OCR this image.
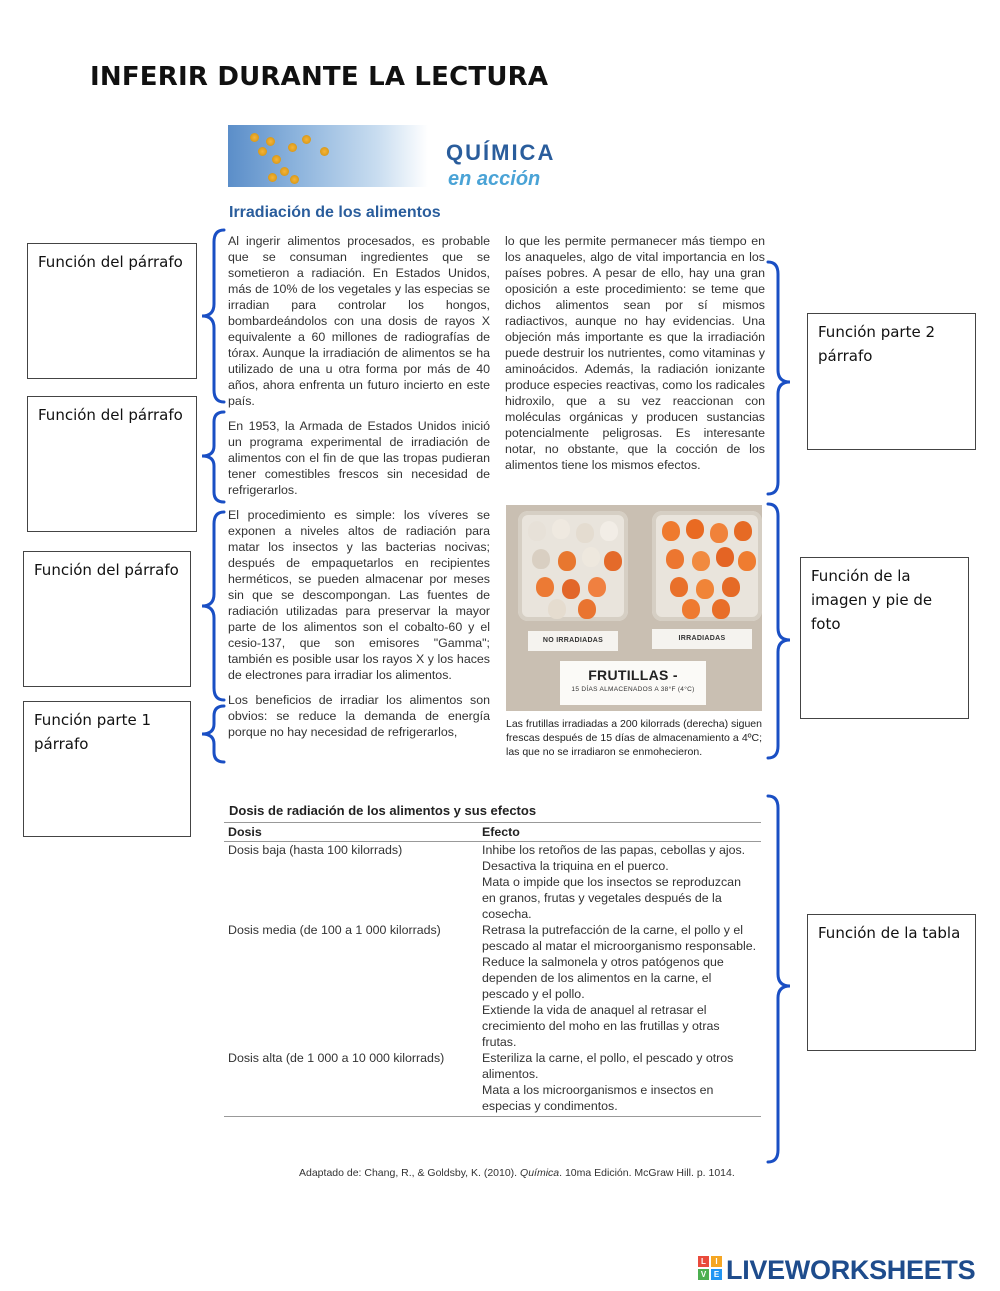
INFERIR DURANTE LA LECTURA
QUÍMICA
en acción
Irradiación de los alimentos

Al ingerir alimentos procesados, es probable que se consuman ingredientes que se sometieron a radiación. En Estados Unidos, más de 10% de los vegetales y las especias se irradian para controlar los hongos, bombardeándolos con una dosis de rayos X equivalente a 60 millones de radiografías de tórax. Aunque la irradiación de alimentos se ha utilizado de una u otra forma por más de 40 años, ahora enfrenta un futuro incierto en este país.

En 1953, la Armada de Estados Unidos inició un programa experimental de irradiación de alimentos con el fin de que las tropas pudieran tener comestibles frescos sin necesidad de refrigerarlos.

El procedimiento es simple: los víveres se exponen a niveles altos de radiación para matar los insectos y las bacterias nocivas; después de empaquetarlos en recipientes herméticos, se pueden almacenar por meses sin que se descompongan. Las fuentes de radiación utilizadas para preservar la mayor parte de los alimentos son el cobalto-60 y el cesio-137, que son emisores "Gamma"; también es posible usar los rayos X y los haces de electrones para irradiar los alimentos.

Los beneficios de irradiar los alimentos son obvios: se reduce la demanda de energía porque no hay necesidad de refrigerarlos,

lo que les permite permanecer más tiempo en los anaqueles, algo de vital importancia en los países pobres. A pesar de ello, hay una gran oposición a este procedimiento: se teme que dichos alimentos sean por sí mismos radiactivos, aunque no hay evidencias. Una objeción más importante es que la irradiación puede destruir los nutrientes, como vitaminas y aminoácidos. Además, la radiación ionizante produce especies reactivas, como los radicales hidroxilo, que a su vez reaccionan con moléculas orgánicas y producen sustancias potencialmente peligrosas. Es interesante notar, no obstante, que la cocción de los alimentos tiene los mismos efectos.

NO IRRADIADAS	IRRADIADAS
FRUTILLAS -
15 DÍAS ALMACENADOS A 38°F (4°C)
Las frutillas irradiadas a 200 kilorrads (derecha) siguen frescas después de 15 días de almacenamiento a 4ºC; las que no se irradiaron se enmohecieron.
Dosis de radiación de los alimentos y sus efectos
Dosis	Efecto
Dosis baja (hasta 100 kilorrads)	Inhibe los retoños de las papas, cebollas y ajos.
Desactiva la triquina en el puerco.
Mata o impide que los insectos se reproduzcan en granos, frutas y vegetales después de la cosecha.

Dosis media (de 100 a 1 000 kilorrads)	Retrasa la putrefacción de la carne, el pollo y el pescado al matar el microorganismo responsable.
Reduce la salmonela y otros patógenos que dependen de los alimentos en la carne, el pescado y el pollo.
Extiende la vida de anaquel al retrasar el crecimiento del moho en las frutillas y otras frutas.

Dosis alta (de 1 000 a 10 000 kilorrads)	Esteriliza la carne, el pollo, el pescado y otros alimentos.
Mata a los microorganismos e insectos en especias y condimentos.
Adaptado de: Chang, R., & Goldsby, K. (2010). Química. 10ma Edición. McGraw Hill. p. 1014.
Función del párrafo
Función del párrafo
Función del párrafo
Función parte 1 párrafo
Función parte 2 párrafo
Función de la imagen y pie de foto
Función de la tabla
L	I
V E LIVEWORKSHEETS
